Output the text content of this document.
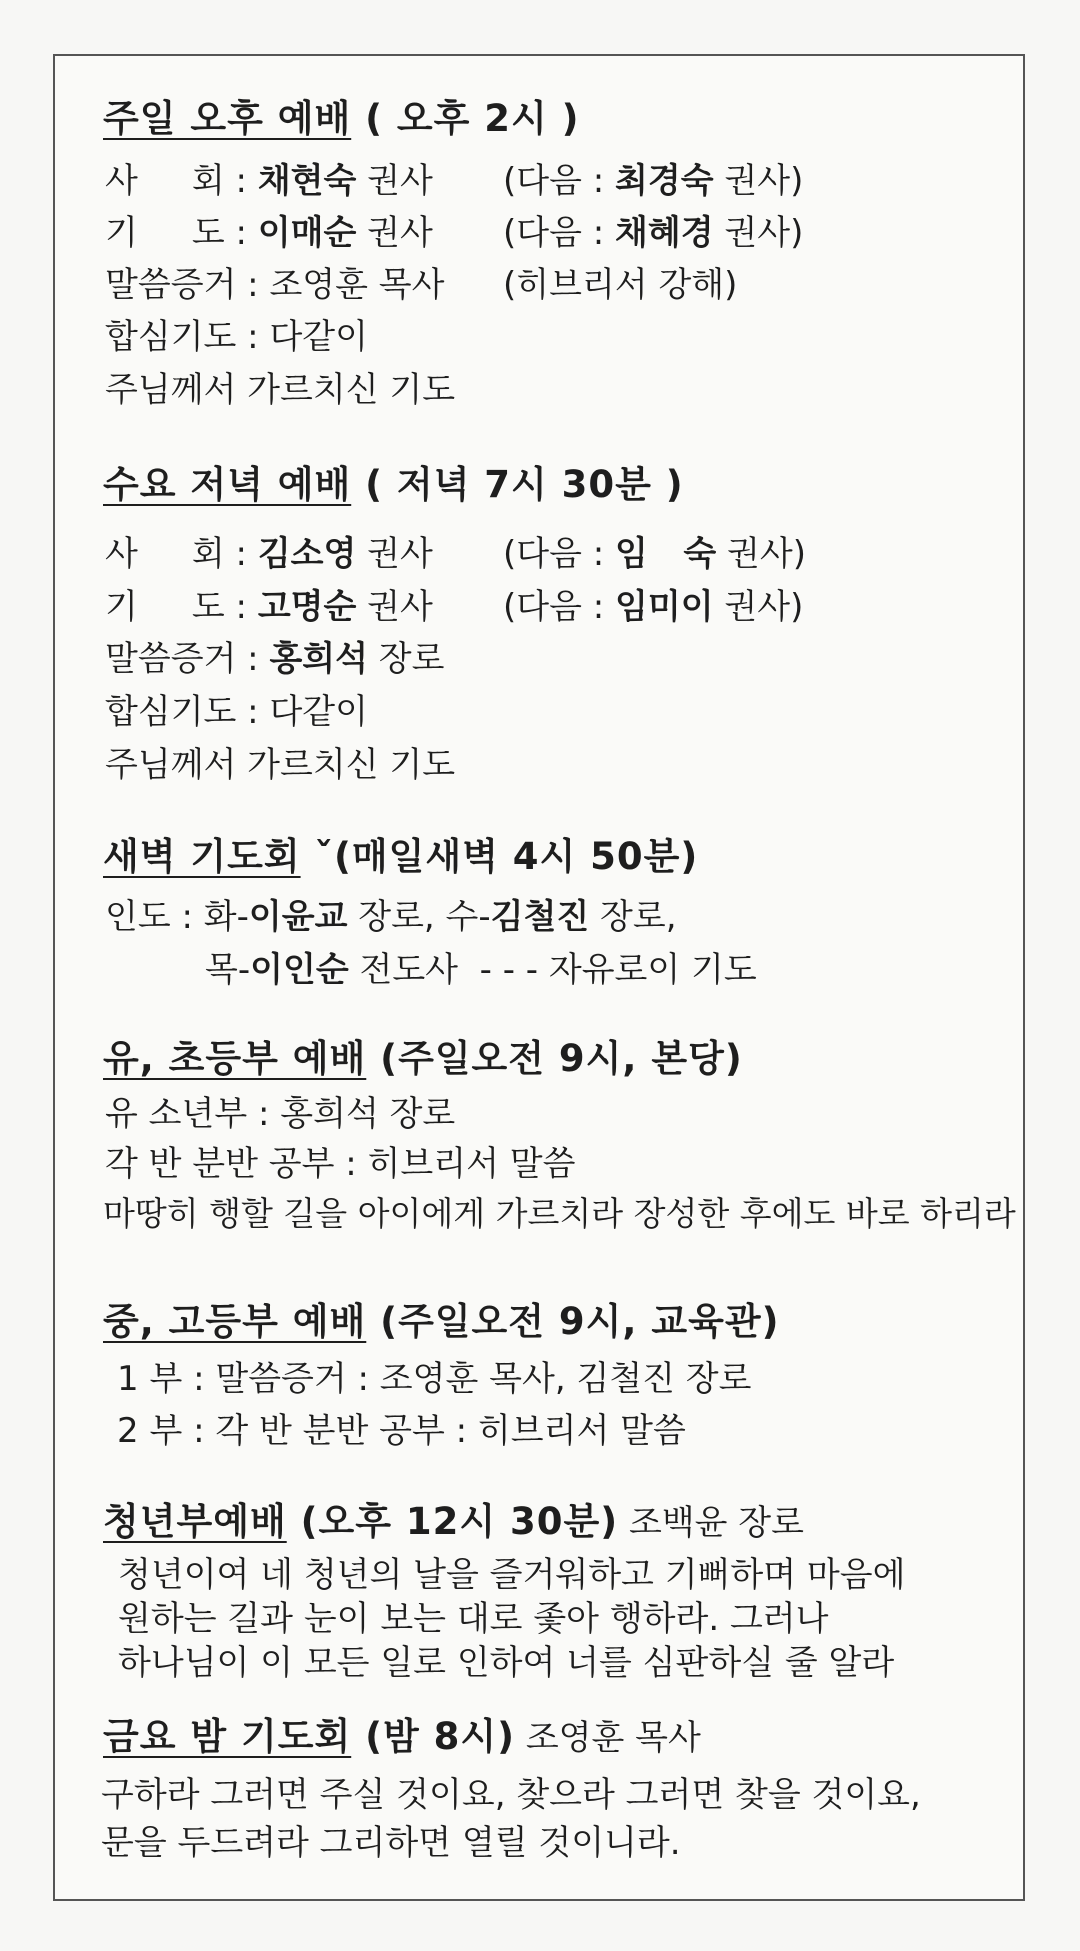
주일 오후 예배 ( 오후 2시 )
사     회 : 채현숙 권사 (다음 : 최경숙 권사)
기     도 : 이매순 권사 (다음 : 채혜경 권사)
말씀증거 : 조영훈 목사 (히브리서 강해)
합심기도 : 다같이
주님께서 가르치신 기도
수요 저녁 예배 ( 저녁 7시 30분 )
사     회 : 김소영 권사 (다음 : 임   숙 권사)
기     도 : 고명순 권사 (다음 : 임미이 권사)
말씀증거 : 홍희석 장로
합심기도 : 다같이
주님께서 가르치신 기도
새벽 기도회 ˇ(매일새벽 4시 50분)
인도 : 화-이윤교 장로, 수-김철진 장로,
목-이인순 전도사  - - - 자유로이 기도
유, 초등부 예배 (주일오전 9시, 본당)
유 소년부 : 홍희석 장로
각 반 분반 공부 : 히브리서 말씀
마땅히 행할 길을 아이에게 가르치라 장성한 후에도 바로 하리라
중, 고등부 예배 (주일오전 9시, 교육관)
1 부 : 말씀증거 : 조영훈 목사, 김철진 장로
2 부 : 각 반 분반 공부 : 히브리서 말씀
청년부예배 (오후 12시 30분) 조백윤 장로
청년이여 네 청년의 날을 즐거워하고 기뻐하며 마음에
원하는 길과 눈이 보는 대로 좇아 행하라. 그러나
하나님이 이 모든 일로 인하여 너를 심판하실 줄 알라
금요 밤 기도회 (밤 8시) 조영훈 목사
구하라 그러면 주실 것이요, 찾으라 그러면 찾을 것이요,
문을 두드려라 그리하면 열릴 것이니라.
